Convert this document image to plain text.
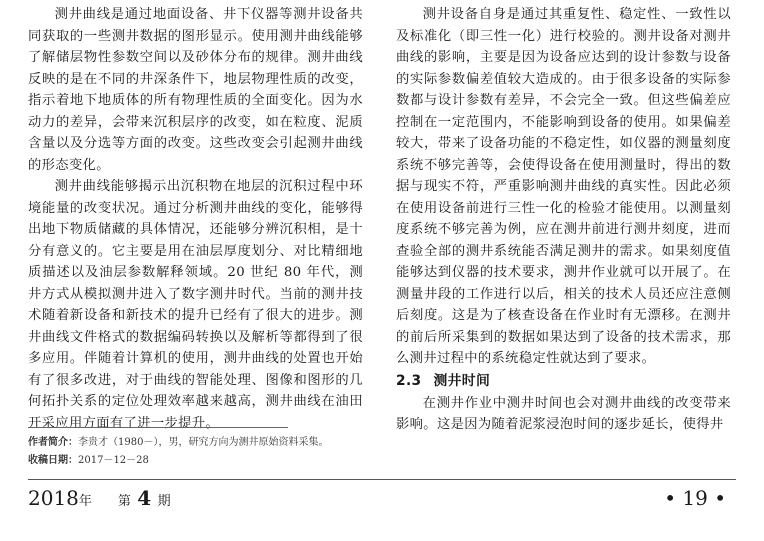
测井曲线是通过地面设备、井下仪器等测井设备共同获取的一些测井数据的图形显示。使用测井曲线能够了解储层物性参数空间以及砂体分布的规律。测井曲线反映的是在不同的井深条件下，地层物理性质的改变，指示着地下地质体的所有物理性质的全面变化。因为水动力的差异，会带来沉积层序的改变，如在粒度、泥质含量以及分选等方面的改变。这些改变会引起测井曲线的形态变化。

测井曲线能够揭示出沉积物在地层的沉积过程中环境能量的改变状况。通过分析测井曲线的变化，能够得出地下物质储藏的具体情况，还能够分辨沉积相，是十分有意义的。它主要是用在油层厚度划分、对比精细地质描述以及油层参数解释领域。20 世纪 80 年代，测井方式从模拟测井进入了数字测井时代。当前的测井技术随着新设备和新技术的提升已经有了很大的进步。测井曲线文件格式的数据编码转换以及解析等都得到了很多应用。伴随着计算机的使用，测井曲线的处置也开始有了很多改进，对于曲线的智能处理、图像和图形的几何拓扑关系的定位处理效率越来越高，测井曲线在油田开采应用方面有了进一步提升。

测井设备自身是通过其重复性、稳定性、一致性以及标准化（即三性一化）进行校验的。测井设备对测井曲线的影响，主要是因为设备应达到的设计参数与设备的实际参数偏差值较大造成的。由于很多设备的实际参数都与设计参数有差异，不会完全一致。但这些偏差应控制在一定范围内，不能影响到设备的使用。如果偏差较大，带来了设备功能的不稳定性，如仪器的测量刻度系统不够完善等，会使得设备在使用测量时，得出的数据与现实不符，严重影响测井曲线的真实性。因此必须在使用设备前进行三性一化的检验才能使用。以测量刻度系统不够完善为例，应在测井前进行测井刻度，进而查验全部的测井系统能否满足测井的需求。如果刻度值能够达到仪器的技术要求，测井作业就可以开展了。在测量井段的工作进行以后，相关的技术人员还应注意侧后刻度。这是为了核查设备在作业时有无漂移。在测井的前后所采集到的数据如果达到了设备的技术需求，那么测井过程中的系统稳定性就达到了要求。

2.3 测井时间

在测井作业中测井时间也会对测井曲线的改变带来影响。这是因为随着泥浆浸泡时间的逐步延长，使得井

作者简介：李贵才（1980－），男，研究方向为测井原始资料采集。

收稿日期：2017－12－28

2018年 第 4 期	• 19 •
